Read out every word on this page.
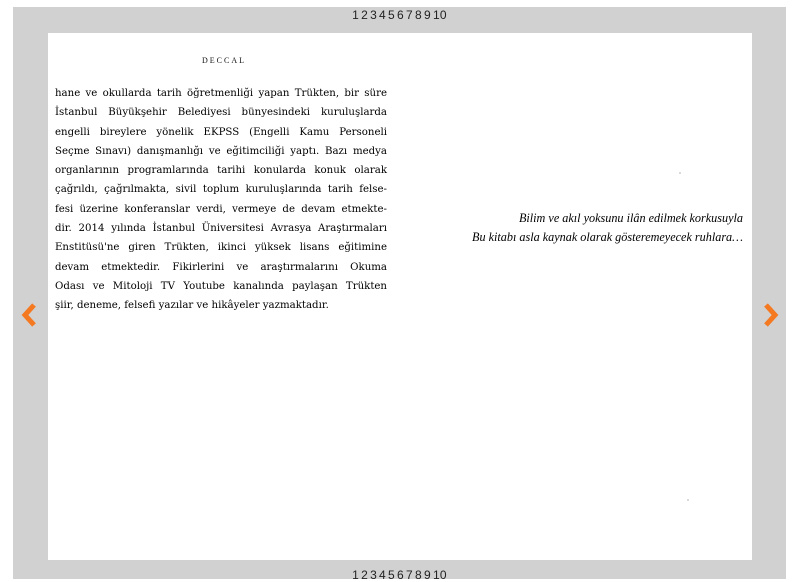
1 2 3 4 5 6 7 8 9 10
DECCAL
hane ve okullarda tarih öğretmenliği yapan Trükten, bir süre
İstanbul Büyükşehir Belediyesi bünyesindeki kuruluşlarda
engelli bireylere yönelik EKPSS (Engelli Kamu Personeli
Seçme Sınavı) danışmanlığı ve eğitimciliği yaptı. Bazı medya
organlarının programlarında tarihi konularda konuk olarak
çağrıldı, çağrılmakta, sivil toplum kuruluşlarında tarih felse-
fesi üzerine konferanslar verdi, vermeye de devam etmekte-
dir. 2014 yılında İstanbul Üniversitesi Avrasya Araştırmaları
Enstitüsü'ne giren Trükten, ikinci yüksek lisans eğitimine
devam etmektedir. Fikirlerini ve araştırmalarını Okuma
Odası ve Mitoloji TV Youtube kanalında paylaşan Trükten
şiir, deneme, felsefi yazılar ve hikâyeler yazmaktadır.
Bilim ve akıl yoksunu ilân edilmek korkusuyla
Bu kitabı asla kaynak olarak gösteremeyecek ruhlara…
1 2 3 4 5 6 7 8 9 10
